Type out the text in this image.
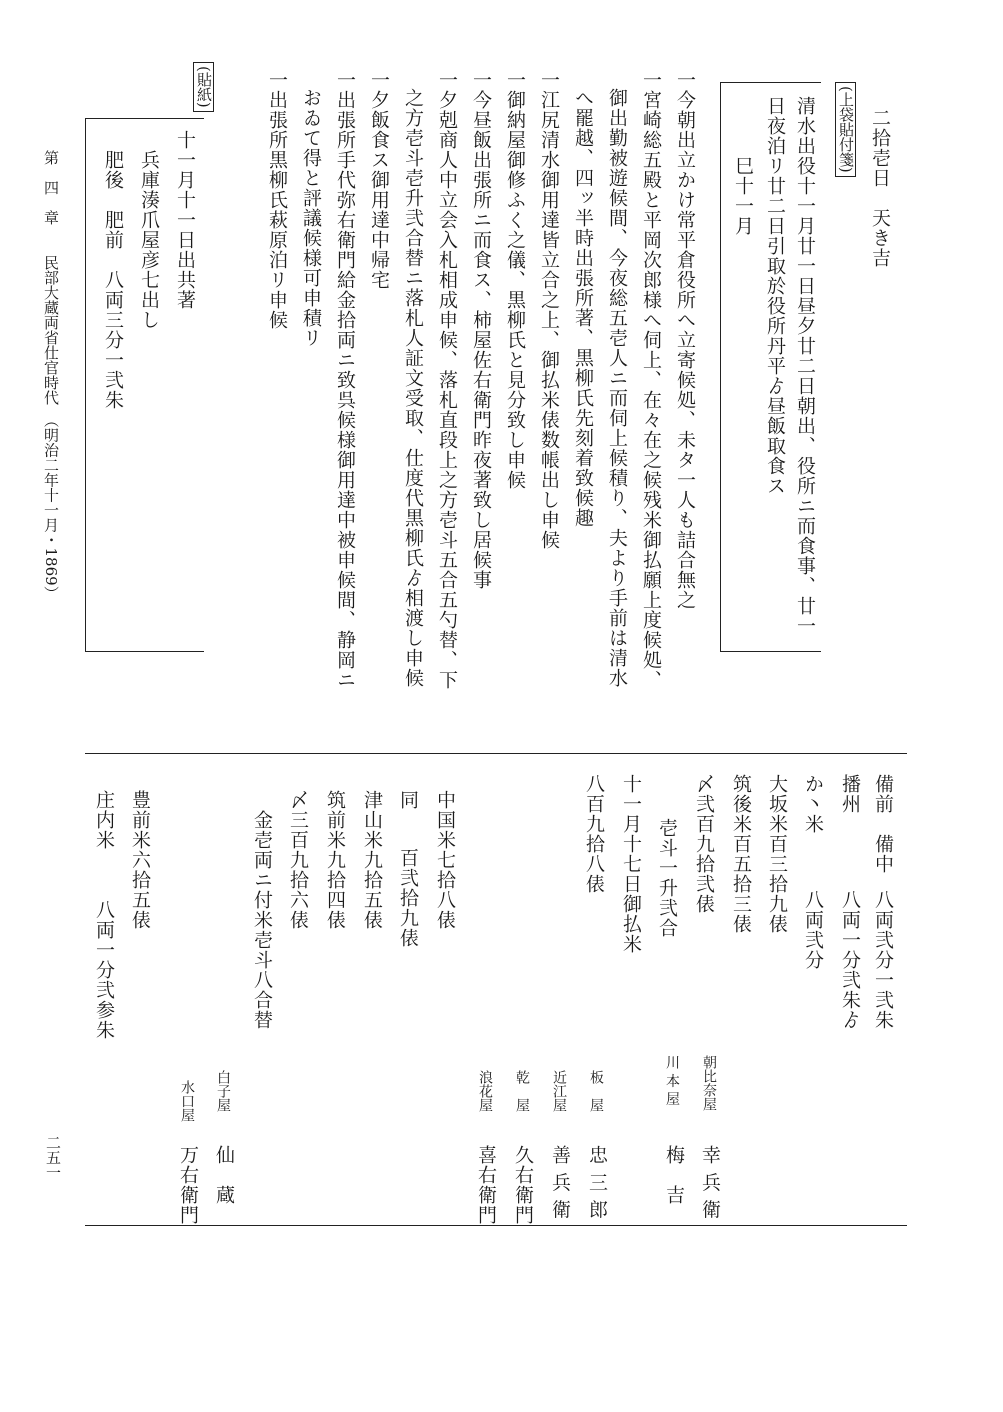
二拾壱日　天き吉
(上袋貼付箋)
清水出役十一月廿一日昼夕廿二日朝出、役所ニ而食事、廿一
日夜泊リ廿二日引取於役所丹平ゟ昼飯取食ス
巳十一月
一今朝出立かけ常平倉役所へ立寄候処、未タ一人も詰合無之
一宮崎総五殿と平岡次郎様へ伺上、在々在之候残米御払願上度候処、
御出勤被遊候間、今夜総五壱人ニ而伺上候積り、夫より手前は清水
へ罷越、四ッ半時出張所著、黒柳氏先刻着致候趣
一江尻清水御用達皆立合之上、御払米俵数帳出し申候
一御納屋御修ふく之儀、黒柳氏と見分致し申候
一今昼飯出張所ニ而食ス、柿屋佐右衛門昨夜著致し居候事
一夕剋商人中立会入札相成申候、落札直段上之方壱斗五合五勺替、下
之方壱斗壱升弐合替ニ落札人証文受取、仕度代黒柳氏ゟ相渡し申候
一夕飯食ス御用達中帰宅
一出張所手代弥右衛門給金拾両ニ致呉候様御用達中被申候間、静岡ニ
おゐて得と評議候様可申積リ
一出張所黒柳氏萩原泊リ申候
(貼紙)
十一月十一日出共著
兵庫湊爪屋彦七出し
肥後　肥前　八両三分一弐朱
第　四　章　　民部大蔵両省仕官時代　（明治二年十一月・1869）
備前　備中
八両弐分一弐朱
播州
八両一分弐朱ゟ
か丶米
八両弐分
大坂米百三拾九俵
筑後米百五拾三俵
〆弐百九拾弐俵
壱斗一升弐合
十一月十七日御払米
八百九拾八俵
中国米七拾八俵
同
百弐拾九俵
津山米九拾五俵
筑前米九拾四俵
〆三百九拾六俵
金壱両ニ付米壱斗八合替
豊前米六拾五俵
庄内米
八両一分弐参朱
朝比奈屋
幸 兵 衛
川 本 屋
梅　吉
板　屋
忠 三 郎
乾　屋
久右衛門
近江屋
善 兵 衛
浪花屋
喜右衛門
白子屋
仙　蔵
水口屋
万右衛門
二五一
